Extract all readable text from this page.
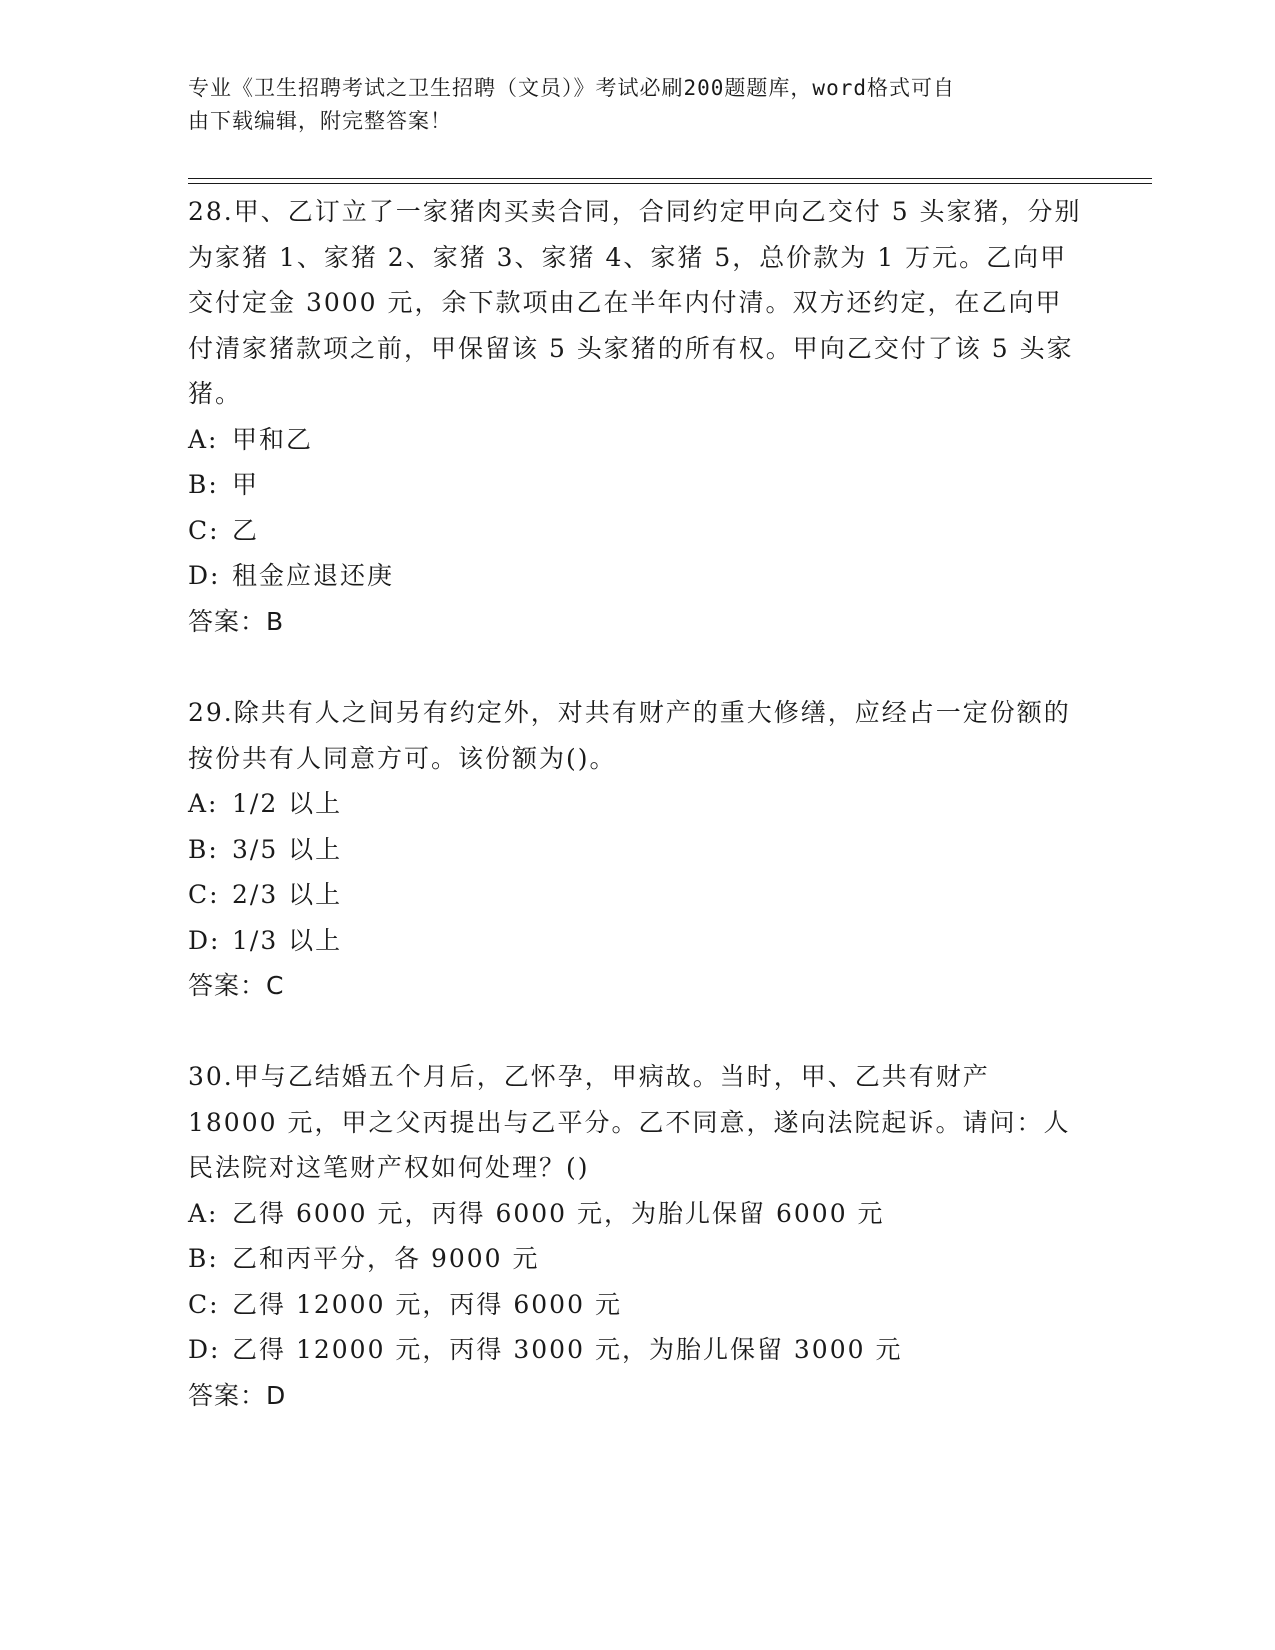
专业《卫生招聘考试之卫生招聘（文员）》考试必刷200题题库，word格式可自
由下载编辑，附完整答案！
28.甲、乙订立了一家猪肉买卖合同，合同约定甲向乙交付 5 头家猪，分别为家猪 1、家猪 2、家猪 3、家猪 4、家猪 5，总价款为 1 万元。乙向甲交付定金 3000 元，余下款项由乙在半年内付清。双方还约定，在乙向甲付清家猪款项之前，甲保留该 5 头家猪的所有权。甲向乙交付了该 5 头家猪。
A: 甲和乙
B: 甲
C: 乙
D: 租金应退还庚
答案：B
29.除共有人之间另有约定外，对共有财产的重大修缮，应经占一定份额的按份共有人同意方可。该份额为()。
A: 1/2 以上
B: 3/5 以上
C: 2/3 以上
D: 1/3 以上
答案：C
30.甲与乙结婚五个月后，乙怀孕，甲病故。当时，甲、乙共有财产 18000 元，甲之父丙提出与乙平分。乙不同意，遂向法院起诉。请问：人民法院对这笔财产权如何处理？()
A: 乙得 6000 元，丙得 6000 元，为胎儿保留 6000 元
B: 乙和丙平分，各 9000 元
C: 乙得 12000 元，丙得 6000 元
D: 乙得 12000 元，丙得 3000 元，为胎儿保留 3000 元
答案：D
